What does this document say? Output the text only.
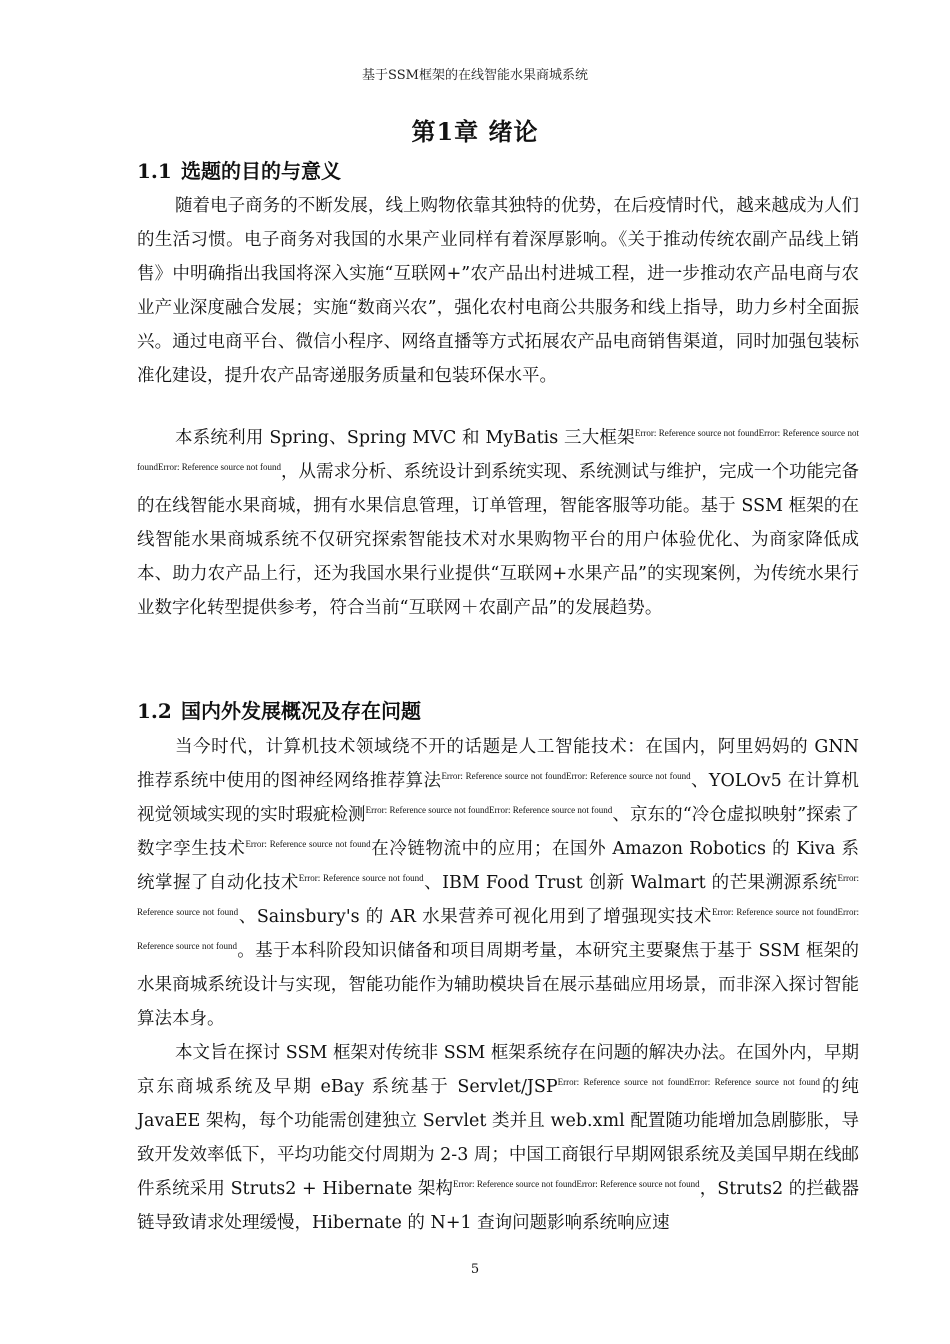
基于SSM框架的在线智能水果商城系统
第1章 绪论
1.1 选题的目的与意义

随着电子商务的不断发展，线上购物依靠其独特的优势，在后疫情时代，越来越成为人们的生活习惯。电子商务对我国的水果产业同样有着深厚影响。《关于推动传统农副产品线上销售》中明确指出我国将深入实施“互联网+”农产品出村进城工程，进一步推动农产品电商与农业产业深度融合发展；实施“数商兴农”，强化农村电商公共服务和线上指导，助力乡村全面振兴。通过电商平台、微信小程序、网络直播等方式拓展农产品电商销售渠道，同时加强包装标准化建设，提升农产品寄递服务质量和包装环保水平。

本系统利用 Spring、Spring MVC 和 MyBatis 三大框架$^{Error: Reference source not foundError: Reference source not foundError: Reference source not found}$，从需求分析、系统设计到系统实现、系统测试与维护，完成一个功能完备的在线智能水果商城，拥有水果信息管理，订单管理，智能客服等功能。基于 SSM 框架的在线智能水果商城系统不仅研究探索智能技术对水果购物平台的用户体验优化、为商家降低成本、助力农产品上行，还为我国水果行业提供“互联网+水果产品”的实现案例，为传统水果行业数字化转型提供参考，符合当前“互联网＋农副产品”的发展趋势。

1.2 国内外发展概况及存在问题

当今时代，计算机技术领域绕不开的话题是人工智能技术：在国内，阿里妈妈的 GNN 推荐系统中使用的图神经网络推荐算法$^{Error: Reference source not foundError: Reference source not found}$、YOLOv5 在计算机视觉领域实现的实时瑕疵检测$^{Error: Reference source not foundError: Reference source not found}$、京东的“冷仓虚拟映射”探索了数字孪生技术$^{Error: Reference source not found}$在冷链物流中的应用；在国外 Amazon Robotics 的 Kiva 系统掌握了自动化技术$^{Error: Reference source not found}$、IBM Food Trust 创新 Walmart 的芒果溯源系统$^{Error: Reference source not found}$、Sainsbury's 的 AR 水果营养可视化用到了增强现实技术$^{Error: Reference source not foundError: Reference source not found}$。基于本科阶段知识储备和项目周期考量，本研究主要聚焦于基于 SSM 框架的水果商城系统设计与实现，智能功能作为辅助模块旨在展示基础应用场景，而非深入探讨智能算法本身。

本文旨在探讨 SSM 框架对传统非 SSM 框架系统存在问题的解决办法。在国外内，早期京东商城系统及早期 eBay 系统基于 Servlet/$JSP^{Error: Reference source not foundError: Reference source not found}$的纯 JavaEE 架构，每个功能需创建独立 Servlet 类并且 web.xml 配置随功能增加急剧膨胀，导致开发效率低下，平均功能交付周期为 2-3 周；中国工商银行早期网银系统及美国早期在线邮件系统采用 Struts2 + Hibernate 架构$^{Error: Reference source not foundError: Reference source not found}$，Struts2 的拦截器链导致请求处理缓慢，Hibernate 的 N+1 查询问题影响系统响应速

5
